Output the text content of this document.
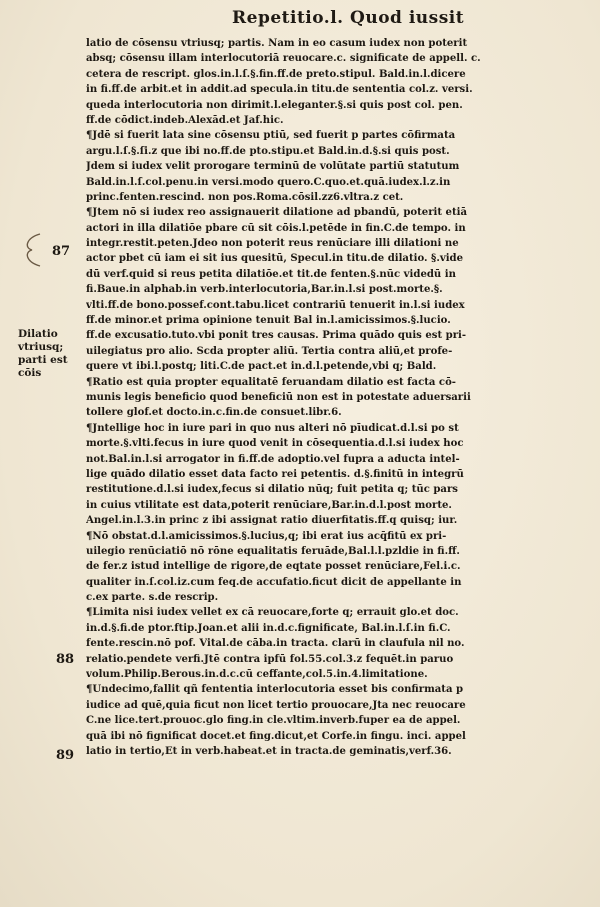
Repetitio.l. Quod iussit
87
88
89
Dilatio
vtriusq;
parti est
cōis
latio de cōsensu vtriusq; partis. Nam in eo casum iudex non poterit
absq; cōsensu illam interlocutoriā reuocare.c. significate de appell. c.
cetera de rescript. glos.in.l.ſ.§.fin.ff.de preto.stipul. Bald.in.l.dicere
in fi.ff.de arbit.et in addit.ad specula.in titu.de sententia col.z. versi.
queda interlocutoria non dirimit.l.eleganter.§.si quis post col. pen.
ff.de cōdict.indeb.Alexād.et Jaf.hic.
¶Jdē si fuerit lata sine cōsensu ptiū, sed fuerit p partes cōfirmata
argu.l.ſ.§.ſi.z que ibi no.ff.de pto.stipu.et Bald.in.d.§.si quis post.
Jdem si iudex velit prorogare terminū de volūtate partiū statutum
Bald.in.l.ſ.col.penu.in versi.modo quero.C.quo.et.quā.iudex.l.z.in
princ.fenten.rescind. non pos.Roma.cōsil.zz6.vltra.z cet.
¶Jtem nō si iudex reo assignauerit dilatione ad pbandū, poterit etiā
actori in illa dilatiōe pbare cū sit cōis.l.petēde in fin.C.de tempo. in
integr.restit.peten.Jdeo non poterit reus renūciare illi dilationi ne
actor pbet cū iam ei sit ius quesitū, Specul.in titu.de dilatio. §.vide
dū verf.quid si reus petita dilatiōe.et tit.de fenten.§.nūc videdū in
fi.Baue.in alphab.in verb.interlocutoria,Bar.in.l.si post.morte.§.
vlti.ff.de bono.possef.cont.tabu.licet contrariū tenuerit in.l.si iudex
ff.de minor.et prima opinione tenuit Bal in.l.amicissimos.§.lucio.
ff.de excusatio.tuto.vbi ponit tres causas. Prima quādo quis est pri-
uilegiatus pro alio. Scda propter aliū. Tertia contra aliū,et profe-
quere vt ibi.l.postq; liti.C.de pact.et in.d.l.petende,vbi q; Bald.
¶Ratio est quia propter equalitatē feruandam dilatio est facta cō-
munis legis beneficio quod beneficiū non est in potestate aduersarii
tollere glof.et docto.in.c.fin.de consuet.libr.6.
¶Jntellige hoc in iure pari in quo nus alteri nō pīudicat.d.l.si po st
morte.§.vlti.fecus in iure quod venit in cōsequentia.d.l.si iudex hoc
not.Bal.in.l.si arrogator in fi.ff.de adoptio.vel fupra a aducta intel-
lige quādo dilatio esset data facto rei petentis. d.§.finitū in integrū
restitutione.d.l.si iudex,fecus si dilatio nūq; fuit petita q; tūc pars
in cuius vtilitate est data,poterit renūciare,Bar.in.d.l.post morte.
Angel.in.l.3.in princ z ibi assignat ratio diuerfitatis.ff.q quisq; iur.
¶Nō obstat.d.l.amicissimos.§.lucius,q; ibi erat ius acq̄fitū ex pri-
uilegio renūciatiō nō rōne equalitatis feruāde,Bal.l.l.pzldie in fi.ff.
de fer.z istud intellige de rigore,de eqtate posset renūciare,Fel.i.c.
qualiter in.ſ.col.iz.cum feq.de accufatio.ficut dicit de appellante in
c.ex parte. s.de rescrip.
¶Limita nisi iudex vellet ex cā reuocare,forte q; errauit glo.et doc.
in.d.§.fi.de ptor.ftip.Joan.et alii in.d.c.fignificate, Bal.in.l.ſ.in fi.C.
fente.rescin.nō pof. Vital.de cāba.in tracta. clarū in claufula nil no.
relatio.pendete verfi.Jtē contra ipfū fol.55.col.3.z fequēt.in paruo
volum.Philip.Berous.in.d.c.cū ceffante,col.5.in.4.limitatione.
¶Undecimo,fallit qñ fententia interlocutoria esset bis confirmata p
iudice ad quē,quia ficut non licet tertio prouocare,Jta nec reuocare
C.ne lice.tert.prouoc.glo fing.in cle.vltim.inverb.fuper ea de appel.
quā ibi nō fignificat docet.et fing.dicut,et Corfe.in fingu. inci. appel
latio in tertio,Et in verb.habeat.et in tracta.de geminatis,verf.36.
